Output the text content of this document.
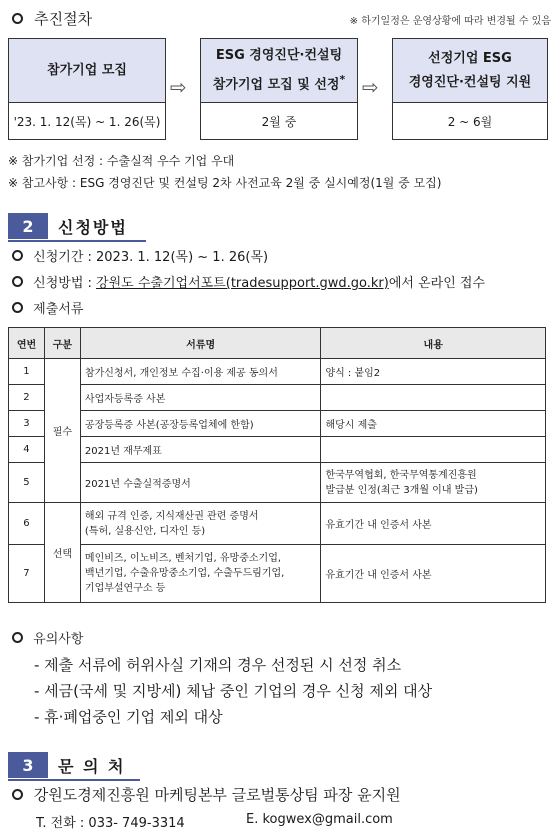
추진절차	※ 하기일정은 운영상황에 따라 변경될 수 있음
참가기업 모집
'23. 1. 12(목) ~ 1. 26(목)
⇨
ESG 경영진단·컨설팅
참가기업 모집 및 선정*
2월 중
⇨
선정기업 ESG
경영진단·컨설팅 지원
2 ~ 6월
※ 참가기업 선정 : 수출실적 우수 기업 우대
※ 참고사항 : ESG 경영진단 및 컨설팅 2차 사전교육 2월 중 실시예정(1월 중 모집)
2	신청방법
신청기간 : 2023. 1. 12(목) ~ 1. 26(목)
신청방법 : 강원도 수출기업서포트(tradesupport.gwd.go.kr)에서 온라인 접수
제출서류
연번	구분	서류명	내용
1	필수	참가신청서, 개인정보 수집·이용 제공 동의서	양식 : 붙임2
2		사업자등록증 사본	
3		공장등록증 사본(공장등록업체에 한함)	해당시 제출
4		2021년 재무제표	
5		2021년 수출실적증명서	한국무역협회, 한국무역통계진흥원
발급분 인정(최근 3개월 이내 발급)
6	선택	해외 규격 인증, 지식재산권 관련 증명서
(특허, 실용신안, 디자인 등)	유효기간 내 인증서 사본
7		메인비즈, 이노비즈, 벤처기업, 유망중소기업,
백년기업, 수출유망중소기업, 수출두드림기업,
기업부설연구소 등	유효기간 내 인증서 사본
유의사항
- 제출 서류에 허위사실 기재의 경우 선정된 시 선정 취소
- 세금(국세 및 지방세) 체납 중인 기업의 경우 신청 제외 대상
- 휴·폐업중인 기업 제외 대상
3	문 의 처
강원도경제진흥원 마케팅본부 글로벌통상팀 파장 윤지원
T. 전화 : 033- 749-3314	E. kogwex@gmail.com
